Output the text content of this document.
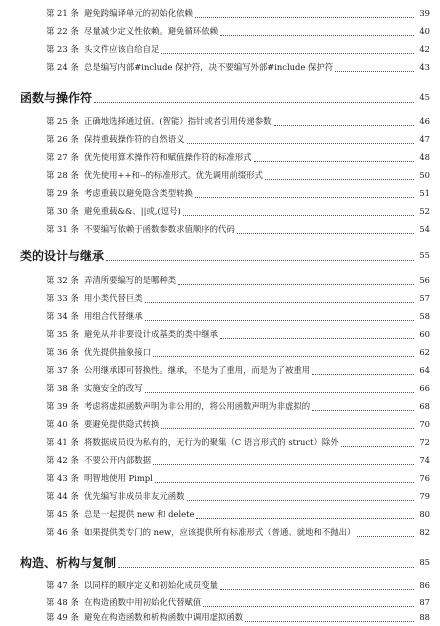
第 21 条 避免跨编译单元的初始化依赖	39
第 22 条 尽量减少定义性依赖。避免循环依赖	40
第 23 条 头文件应该自给自足	42
第 24 条 总是编写内部#include 保护符，决不要编写外部#include 保护符	43
函数与操作符	45
第 25 条 正确地选择通过值、(智能）指针或者引用传递参数	46
第 26 条 保持重载操作符的自然语义	47
第 27 条 优先使用算术操作符和赋值操作符的标准形式	48
第 28 条 优先使用++和--的标准形式。优先调用前缀形式	50
第 29 条 考虑重载以避免隐含类型转换	51
第 30 条 避免重载&&、||或,(逗号)	52
第 31 条 不要编写依赖于函数参数求值顺序的代码	54
类的设计与继承	55
第 32 条 弄清所要编写的是哪种类	56
第 33 条 用小类代替巨类	57
第 34 条 用组合代替继承	58
第 35 条 避免从并非要设计成基类的类中继承	60
第 36 条 优先提供抽象接口	62
第 37 条 公用继承即可替换性。继承，不是为了重用，而是为了被重用	64
第 38 条 实施安全的改写	66
第 39 条 考虑将虚拟函数声明为非公用的，将公用函数声明为非虚拟的	68
第 40 条 要避免提供隐式转换	70
第 41 条 将数据成员设为私有的，无行为的聚集（C 语言形式的 struct）除外	72
第 42 条 不要公开内部数据	74
第 43 条 明智地使用 Pimpl	76
第 44 条 优先编写非成员非友元函数	79
第 45 条 总是一起提供 new 和 delete	80
第 46 条 如果提供类专门的 new，应该提供所有标准形式（普通、就地和不抛出）	82
构造、析构与复制	85
第 47 条 以同样的顺序定义和初始化成员变量	86
第 48 条 在构造函数中用初始化代替赋值	87
第 49 条 避免在构造函数和析构函数中调用虚拟函数	88
